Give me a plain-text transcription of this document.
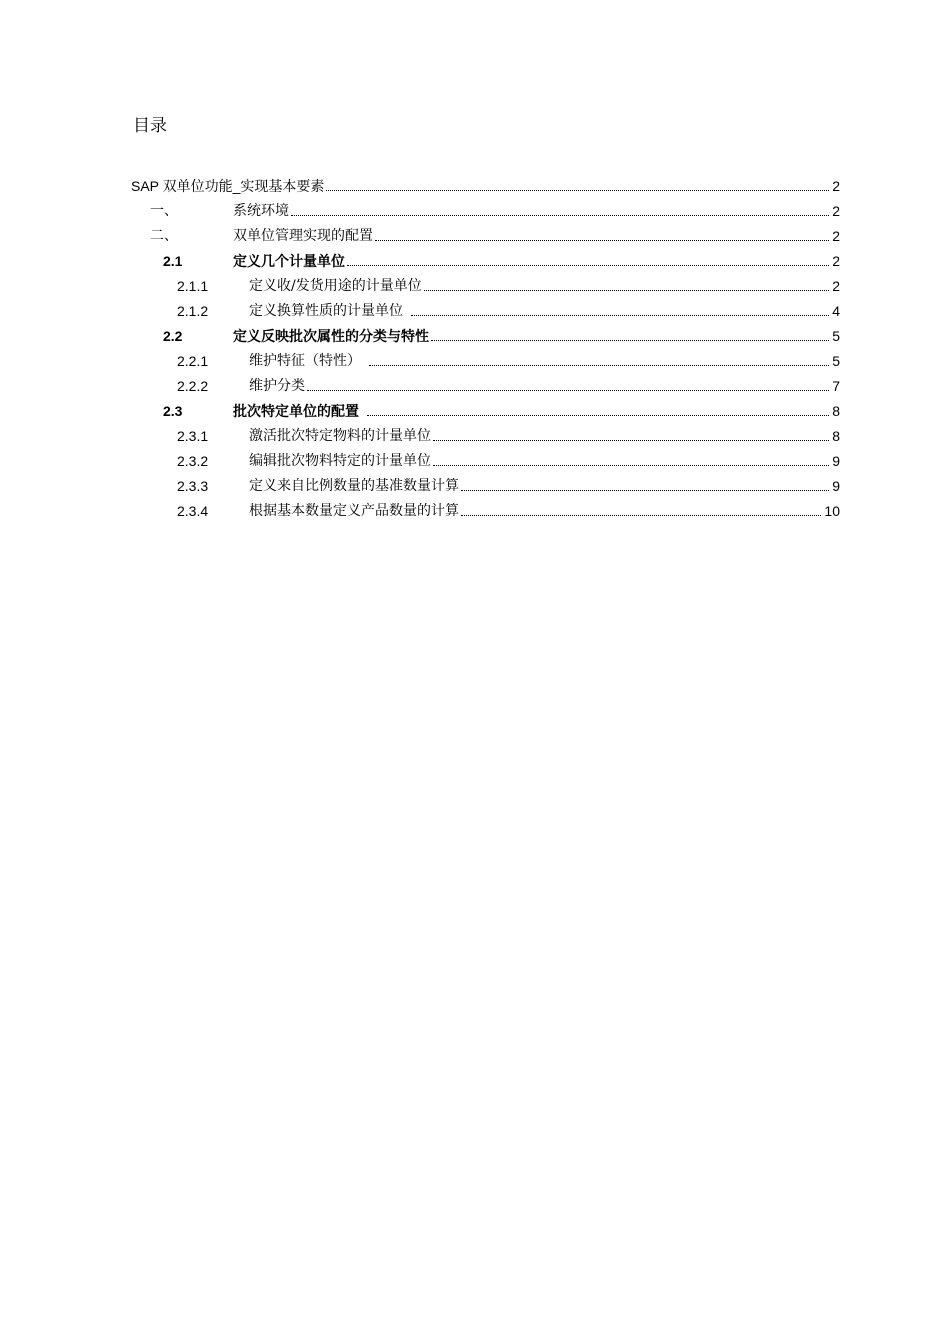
目录
SAP 双单位功能_实现基本要素	2
一、	系统环境	2
二、	双单位管理实现的配置	2
2.1	定义几个计量单位	2
2.1.1	定义收/发货用途的计量单位	2
2.1.2	定义换算性质的计量单位	4
2.2	定义反映批次属性的分类与特性	5
2.2.1	维护特征（特性）	5
2.2.2	维护分类	7
2.3	批次特定单位的配置	8
2.3.1	激活批次特定物料的计量单位	8
2.3.2	编辑批次物料特定的计量单位	9
2.3.3	定义来自比例数量的基准数量计算	9
2.3.4	根据基本数量定义产品数量的计算	10
